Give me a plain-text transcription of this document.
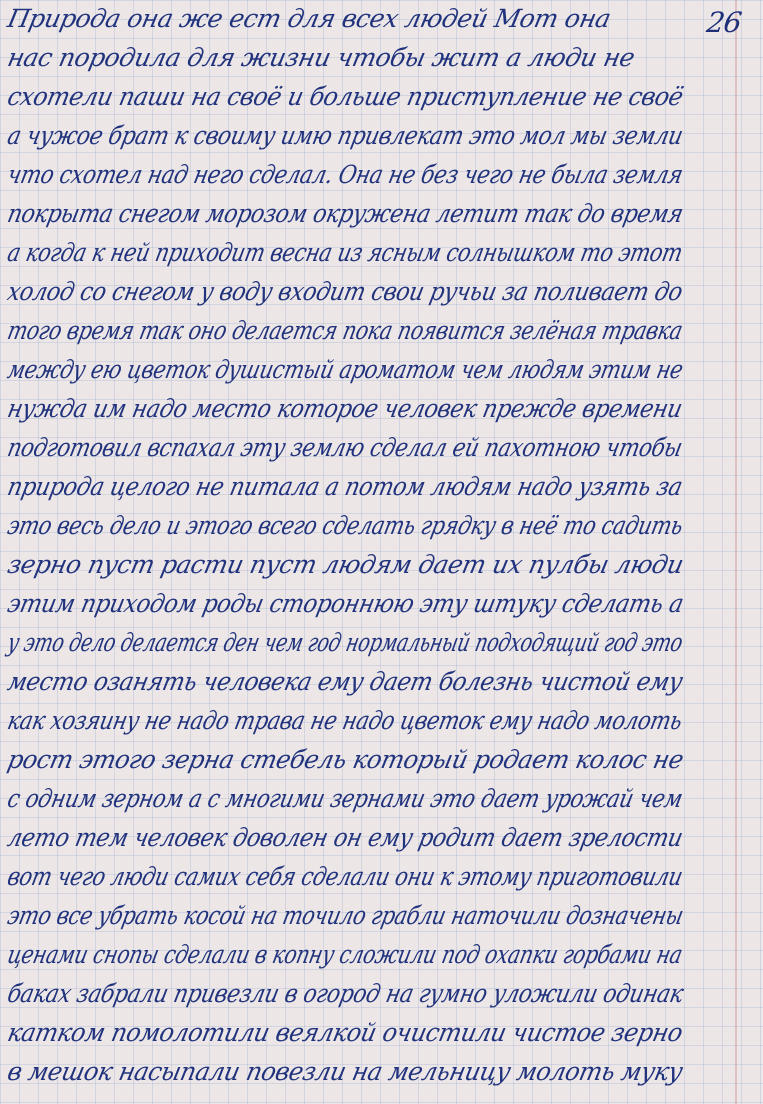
26
Природа она же ест для всех людей Мот она
нас породила для жизни чтобы жит а люди не
схотели паши на своё и больше приступление не своё
а чужое брат к своиму имю привлекат это мол мы земли
что схотел над него сделал. Она не без чего не была земля
покрыта снегом морозом окружена летит так до время
а когда к ней приходит весна из ясным солнышком то этот
холод со снегом у воду входит свои ручьи за поливает до
того время так оно делается пока появится зелёная травка
между ею цветок душистый ароматом чем людям этим не
нужда им надо место которое человек прежде времени
подготовил вспахал эту землю сделал ей пахотною чтобы
природа целого не питала а потом людям надо узять за
это весь дело и этого всего сделать грядку в неё то садить
зерно пуст расти пуст людям дает их пулбы люди
этим приходом роды стороннюю эту штуку сделать а
у это дело делается ден чем год нормальный подходящий год это
место озанять человека ему дает болезнь чистой ему
как хозяину не надо трава не надо цветок ему надо молоть
рост этого зерна стебель который родает колос не
с одним зерном а с многими зернами это дает урожай чем
лето тем человек доволен он ему родит дает зрелости
вот чего люди самих себя сделали они к этому приготовили
это все убрать косой на точило грабли наточили дозначены
ценами снопы сделали в копну сложили под охапки горбами на
баках забрали привезли в огород на гумно уложили одинак
катком помолотили веялкой очистили чистое зерно
в мешок насыпали повезли на мельницу молоть муку
